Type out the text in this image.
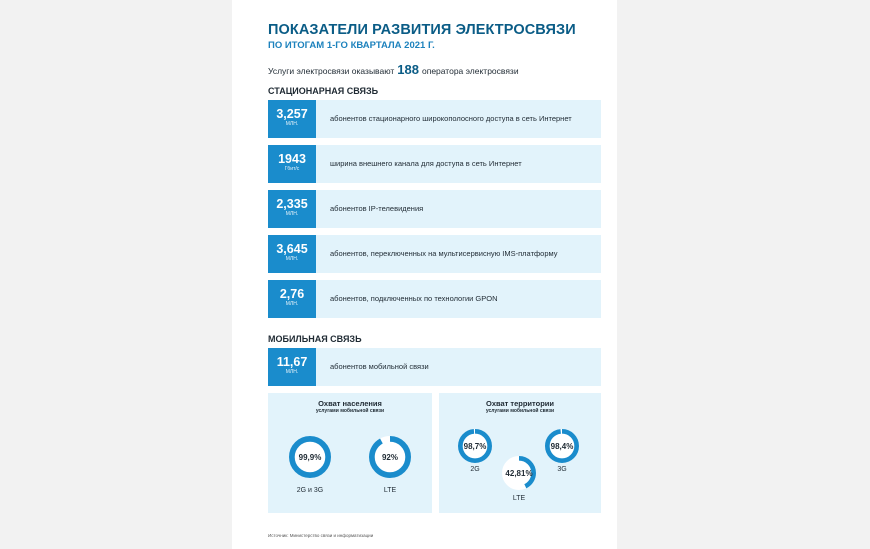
ПОКАЗАТЕЛИ РАЗВИТИЯ ЭЛЕКТРОСВЯЗИ
ПО ИТОГАМ 1-ГО КВАРТАЛА 2021 Г.
Услуги электросвязи оказывают 188 оператора электросвязи
СТАЦИОНАРНАЯ СВЯЗЬ
3,257
МЛН.
абонентов стационарного широкополосного доступа в сеть Интернет
1943
Гбит/с
ширина внешнего канала для доступа в сеть Интернет
2,335
МЛН.
абонентов IP-телевидения
3,645
МЛН.
абонентов, переключенных на мультисервисную IMS-платформу
2,76
МЛН.
абонентов, подключенных по технологии GPON
МОБИЛЬНАЯ СВЯЗЬ
11,67
МЛН.
абонентов мобильной связи
Охват населения
услугами мобильной связи
99,9%
2G и 3G
92%
LTE
Охват территории
услугами мобильной связи
98,7%
2G	42,81%
LTE
98,4%
3G
Источник: Министерство связи и информатизации
